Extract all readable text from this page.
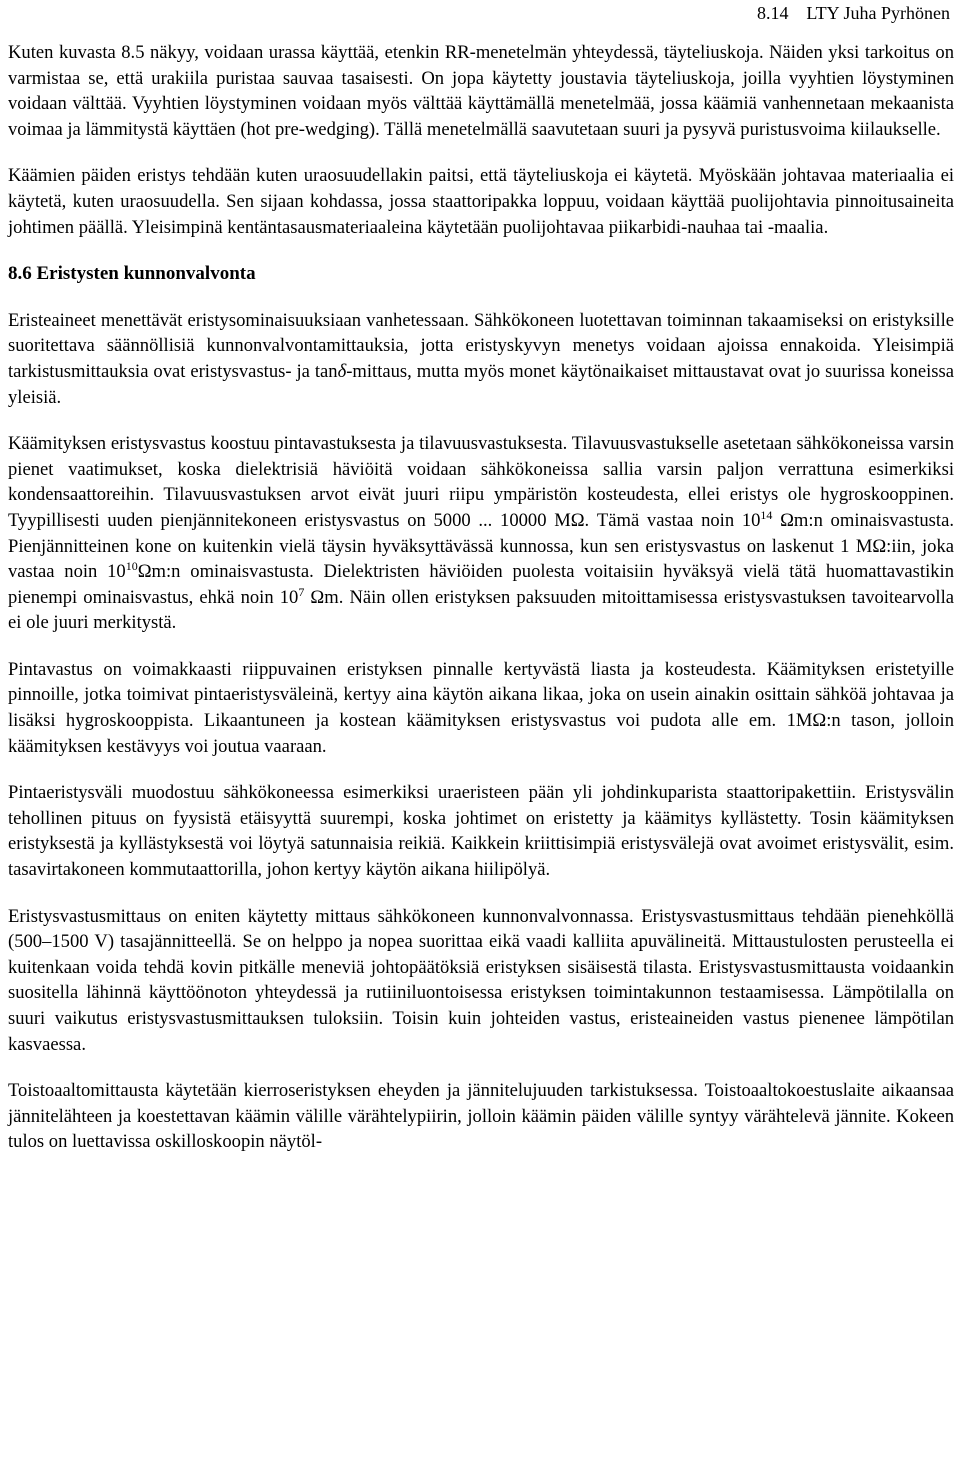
8.14 LTY Juha Pyrhönen

Kuten kuvasta 8.5 näkyy, voidaan urassa käyttää, etenkin RR-menetelmän yhteydessä, täyteliuskoja. Näiden yksi tarkoitus on varmistaa se, että urakiila puristaa sauvaa tasaisesti. On jopa käytetty joustavia täyteliuskoja, joilla vyyhtien löystyminen voidaan välttää. Vyyhtien löystyminen voidaan myös välttää käyttämällä menetelmää, jossa käämiä vanhennetaan mekaanista voimaa ja lämmitystä käyttäen (hot pre-wedging). Tällä menetelmällä saavutetaan suuri ja pysyvä puristusvoima kiilaukselle.

Käämien päiden eristys tehdään kuten uraosuudellakin paitsi, että täyteliuskoja ei käytetä. Myöskään johtavaa materiaalia ei käytetä, kuten uraosuudella. Sen sijaan kohdassa, jossa staattoripakka loppuu, voidaan käyttää puolijohtavia pinnoitusaineita johtimen päällä. Yleisimpinä kentäntasausmateriaaleina käytetään puolijohtavaa piikarbidi-nauhaa tai -maalia.

8.6 Eristysten kunnonvalvonta

Eristeaineet menettävät eristysominaisuuksiaan vanhetessaan. Sähkökoneen luotettavan toiminnan takaamiseksi on eristyksille suoritettava säännöllisiä kunnonvalvontamittauksia, jotta eristyskyvyn menetys voidaan ajoissa ennakoida. Yleisimpiä tarkistusmittauksia ovat eristysvastus- ja tanδ-mittaus, mutta myös monet käytönaikaiset mittaustavat ovat jo suurissa koneissa yleisiä.

Käämityksen eristysvastus koostuu pintavastuksesta ja tilavuusvastuksesta. Tilavuusvastukselle asetetaan sähkökoneissa varsin pienet vaatimukset, koska dielektrisiä häviöitä voidaan sähkökoneissa sallia varsin paljon verrattuna esimerkiksi kondensaattoreihin. Tilavuusvastuksen arvot eivät juuri riipu ympäristön kosteudesta, ellei eristys ole hygroskooppinen. Tyypillisesti uuden pienjännitekoneen eristysvastus on 5000 ... 10000 MΩ. Tämä vastaa noin $10^{14}$ Ωm:n ominaisvastusta. Pienjännitteinen kone on kuitenkin vielä täysin hyväksyttävässä kunnossa, kun sen eristysvastus on laskenut 1 MΩ:iin, joka vastaa noin $10^{10}\Omega m:n$ ominaisvastusta. Dielektristen häviöiden puolesta voitaisiin hyväksyä vielä tätä huomattavastikin pienempi ominaisvastus, ehkä noin $10^7$ Ωm. Näin ollen eristyksen paksuuden mitoittamisessa eristysvastuksen tavoitearvolla ei ole juuri merkitystä.

Pintavastus on voimakkaasti riippuvainen eristyksen pinnalle kertyvästä liasta ja kosteudesta. Käämityksen eristetyille pinnoille, jotka toimivat pintaeristysväleinä, kertyy aina käytön aikana likaa, joka on usein ainakin osittain sähköä johtavaa ja lisäksi hygroskooppista. Likaantuneen ja kostean käämityksen eristysvastus voi pudota alle em. 1MΩ:n tason, jolloin käämityksen kestävyys voi joutua vaaraan.

Pintaeristysväli muodostuu sähkökoneessa esimerkiksi uraeristeen pään yli johdinkuparista staattoripakettiin. Eristysvälin tehollinen pituus on fyysistä etäisyyttä suurempi, koska johtimet on eristetty ja käämitys kyllästetty. Tosin käämityksen eristyksestä ja kyllästyksestä voi löytyä satunnaisia reikiä. Kaikkein kriittisimpiä eristysvälejä ovat avoimet eristysvälit, esim. tasavirtakoneen kommutaattorilla, johon kertyy käytön aikana hiilipölyä.

Eristysvastusmittaus on eniten käytetty mittaus sähkökoneen kunnonvalvonnassa. Eristysvastusmittaus tehdään pienehköllä (500–1500 V) tasajännitteellä. Se on helppo ja nopea suorittaa eikä vaadi kalliita apuvälineitä. Mittaustulosten perusteella ei kuitenkaan voida tehdä kovin pitkälle meneviä johtopäätöksiä eristyksen sisäisestä tilasta. Eristysvastusmittausta voidaankin suositella lähinnä käyttöönoton yhteydessä ja rutiiniluontoisessa eristyksen toimintakunnon testaamisessa. Lämpötilalla on suuri vaikutus eristysvastusmittauksen tuloksiin. Toisin kuin johteiden vastus, eristeaineiden vastus pienenee lämpötilan kasvaessa.

Toistoaaltomittausta käytetään kierroseristyksen eheyden ja jännitelujuuden tarkistuksessa. Toistoaaltokoestuslaite aikaansaa jännitelähteen ja koestettavan käämin välille värähtelypiirin, jolloin käämin päiden välille syntyy värähtelevä jännite. Kokeen tulos on luettavissa oskilloskoopin näytöl-
